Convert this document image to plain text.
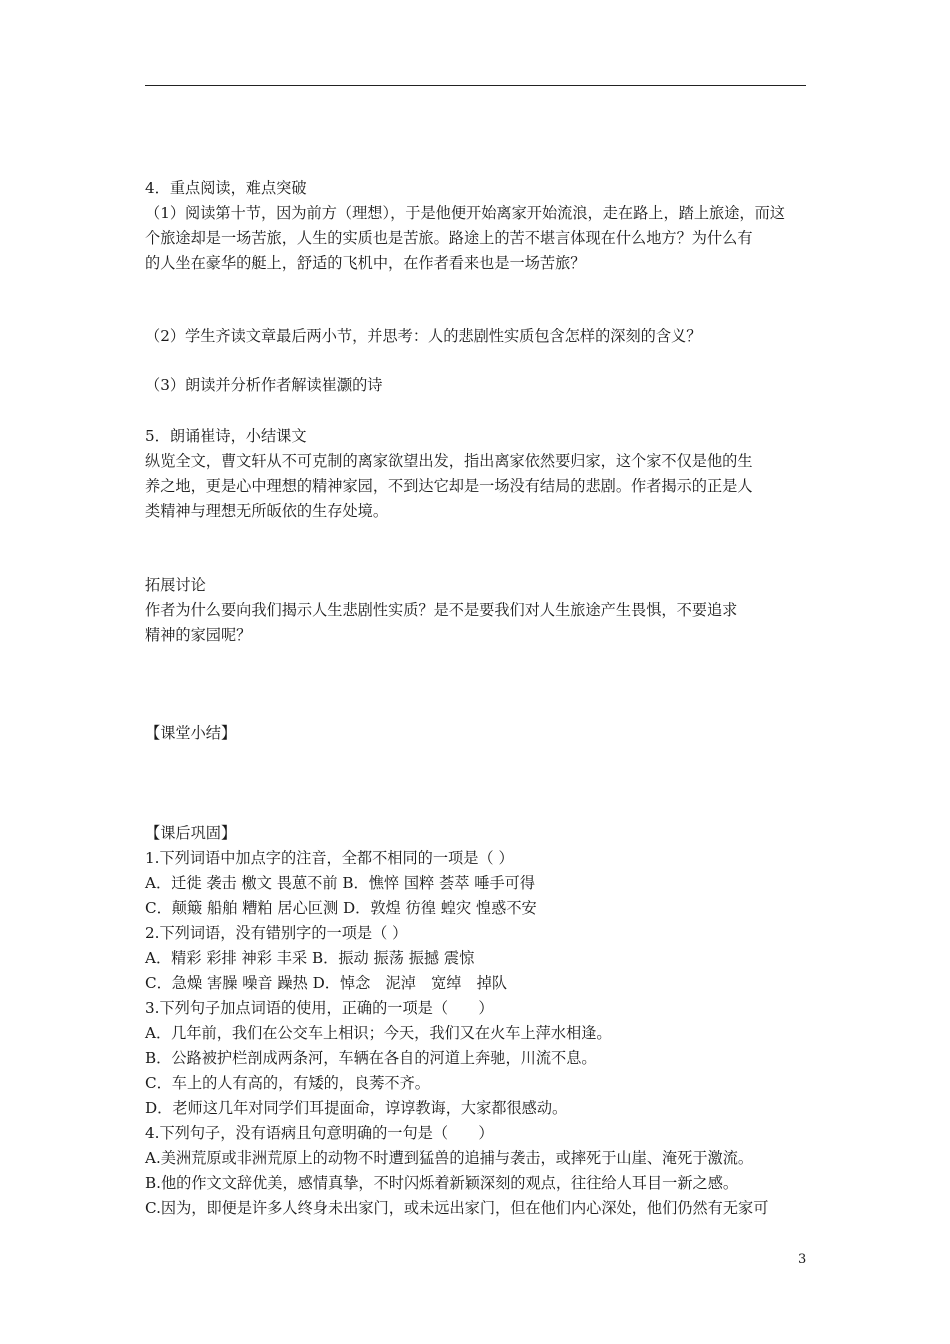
4．重点阅读，难点突破
（1）阅读第十节，因为前方（理想），于是他便开始离家开始流浪，走在路上，踏上旅途，而这
个旅途却是一场苦旅，人生的实质也是苦旅。路途上的苦不堪言体现在什么地方？为什么有
的人坐在豪华的艇上，舒适的飞机中，在作者看来也是一场苦旅？
（2）学生齐读文章最后两小节，并思考：人的悲剧性实质包含怎样的深刻的含义？
（3）朗读并分析作者解读崔灏的诗
5．朗诵崔诗，小结课文
纵览全文，曹文轩从不可克制的离家欲望出发，指出离家依然要归家，这个家不仅是他的生
养之地，更是心中理想的精神家园，不到达它却是一场没有结局的悲剧。作者揭示的正是人
类精神与理想无所皈依的生存处境。
拓展讨论
作者为什么要向我们揭示人生悲剧性实质？是不是要我们对人生旅途产生畏惧，不要追求
精神的家园呢？
【课堂小结】
【课后巩固】
1.下列词语中加点字的注音，全都不相同的一项是（ ）
A．迁徙 袭击 檄文 畏葸不前 B．憔悴 国粹 荟萃 唾手可得
C．颠簸 船舶 糟粕 居心叵测 D．敦煌 彷徨 蝗灾 惶惑不安
2.下列词语，没有错别字的一项是（ ）
A．精彩 彩排 神彩 丰采 B．振动 振荡 振撼 震惊
C．急燥 害臊 噪音 躁热 D．悼念　泥淖　宽绰　掉队
3.下列句子加点词语的使用，正确的一项是（　　）
A．几年前，我们在公交车上相识；今天，我们又在火车上萍水相逢。
B．公路被护栏剖成两条河，车辆在各自的河道上奔驰，川流不息。
C．车上的人有高的，有矮的，良莠不齐。
D．老师这几年对同学们耳提面命，谆谆教诲，大家都很感动。
4.下列句子，没有语病且句意明确的一句是（　　）
A.美洲荒原或非洲荒原上的动物不时遭到猛兽的追捕与袭击，或摔死于山崖、淹死于激流。
B.他的作文文辞优美，感情真挚，不时闪烁着新颖深刻的观点，往往给人耳目一新之感。
C.因为，即便是许多人终身未出家门，或未远出家门，但在他们内心深处，他们仍然有无家可
3
